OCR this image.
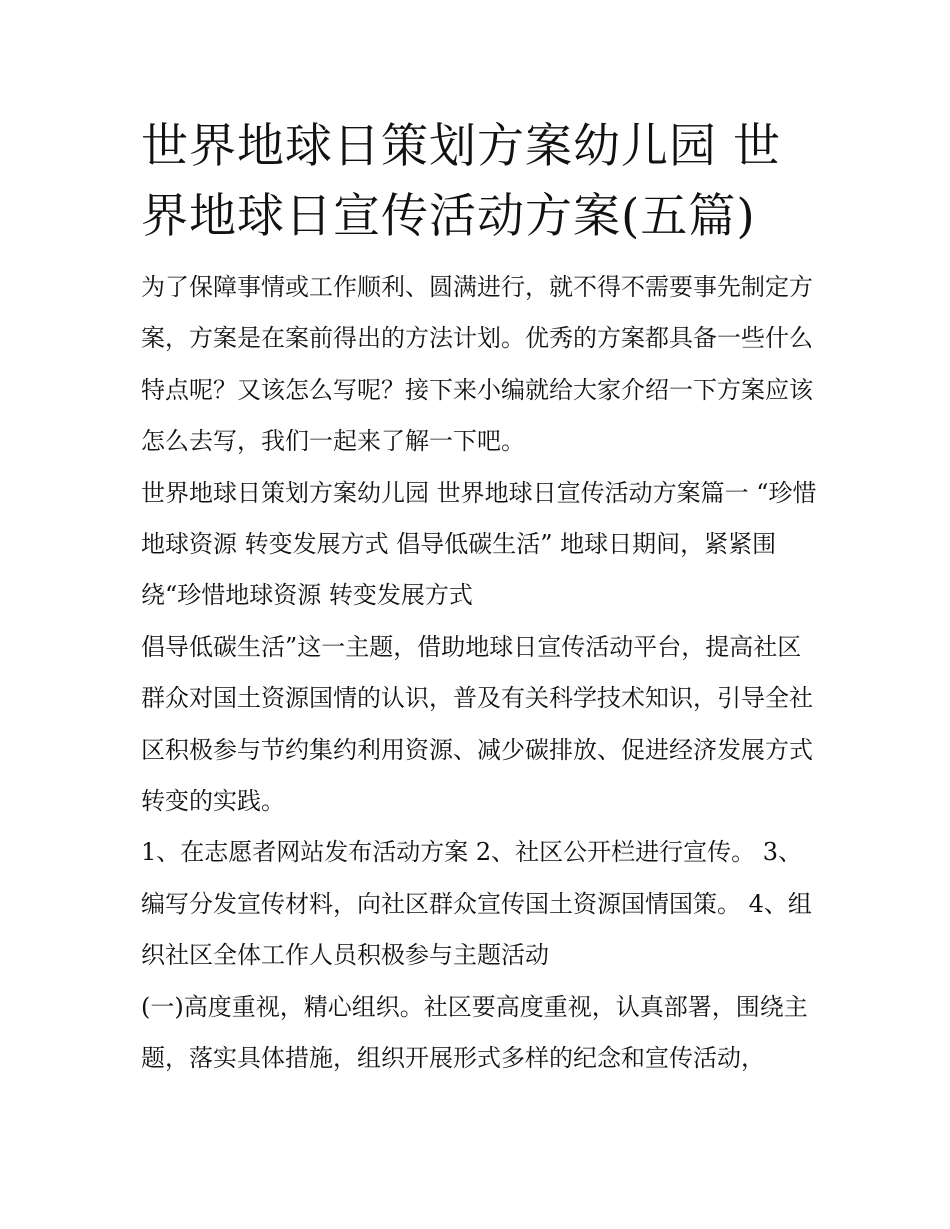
世界地球日策划方案幼儿园 世界地球日宣传活动方案(五篇)

为了保障事情或工作顺利、圆满进行，就不得不需要事先制定方案，方案是在案前得出的方法计划。优秀的方案都具备一些什么特点呢？又该怎么写呢？接下来小编就给大家介绍一下方案应该怎么去写，我们一起来了解一下吧。

世界地球日策划方案幼儿园 世界地球日宣传活动方案篇一 “珍惜地球资源 转变发展方式 倡导低碳生活” 地球日期间，紧紧围绕“珍惜地球资源 转变发展方式

倡导低碳生活”这一主题，借助地球日宣传活动平台，提高社区群众对国土资源国情的认识，普及有关科学技术知识，引导全社区积极参与节约集约利用资源、减少碳排放、促进经济发展方式转变的实践。

1、在志愿者网站发布活动方案 2、社区公开栏进行宣传。 3、编写分发宣传材料，向社区群众宣传国土资源国情国策。 4、组织社区全体工作人员积极参与主题活动

(一)高度重视，精心组织。社区要高度重视，认真部署，围绕主题，落实具体措施，组织开展形式多样的纪念和宣传活动，
